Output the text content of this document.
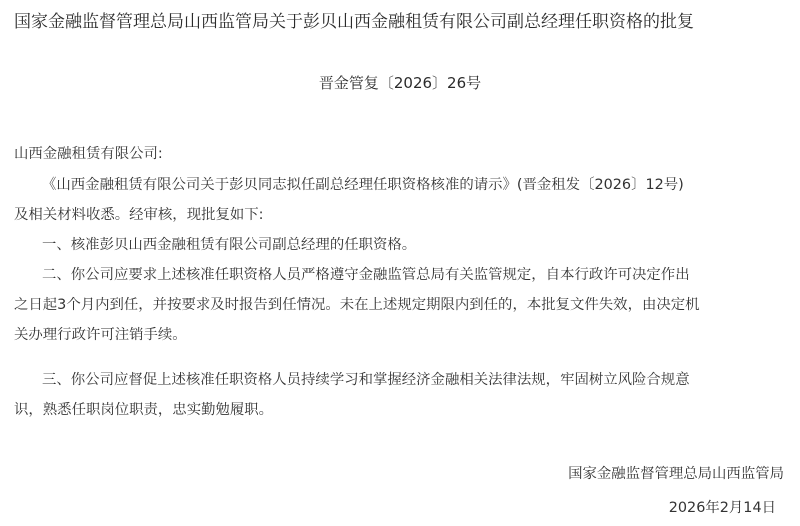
国家金融监督管理总局山西监管局关于彭贝山西金融租赁有限公司副总经理任职资格的批复
晋金管复〔2026〕26号
山西金融租赁有限公司:
《山西金融租赁有限公司关于彭贝同志拟任副总经理任职资格核准的请示》(晋金租发〔2026〕12号)
及相关材料收悉。经审核，现批复如下:
一、核准彭贝山西金融租赁有限公司副总经理的任职资格。
二、你公司应要求上述核准任职资格人员严格遵守金融监管总局有关监管规定，自本行政许可决定作出
之日起3个月内到任，并按要求及时报告到任情况。未在上述规定期限内到任的，本批复文件失效，由决定机
关办理行政许可注销手续。
三、你公司应督促上述核准任职资格人员持续学习和掌握经济金融相关法律法规，牢固树立风险合规意
识，熟悉任职岗位职责，忠实勤勉履职。
国家金融监督管理总局山西监管局
2026年2月14日
